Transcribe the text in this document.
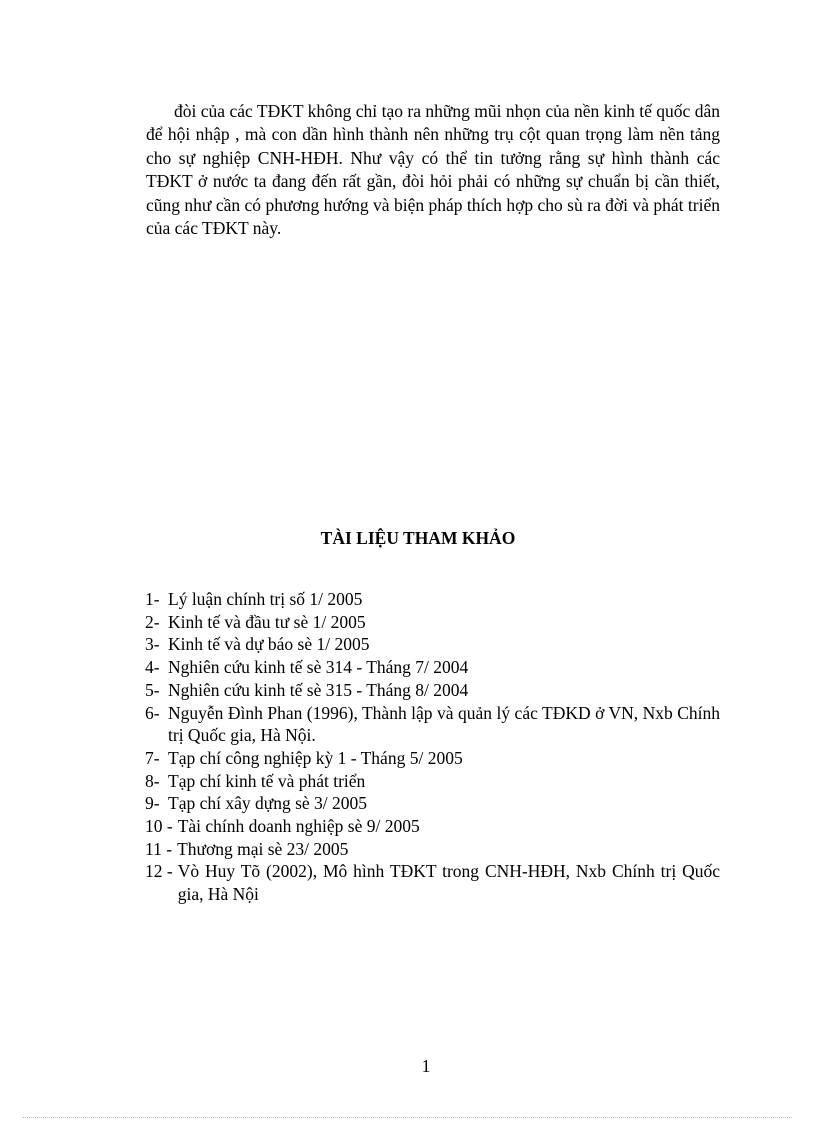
đòi của các TĐKT không chỉ tạo ra những mũi nhọn của nền kinh tế quốc dân để hội nhập , mà con dần hình thành nên những trụ cột quan trọng làm nền tảng cho sự nghiệp CNH-HĐH. Như vậy có thể tin tưởng rằng sự hình thành các TĐKT ở nước ta đang đến rất gần, đòi hỏi phải có những sự chuẩn bị cần thiết, cũng như cần có phương hướng và biện pháp thích hợp cho sù ra đời và phát triển của các TĐKT này.

TÀI LIỆU THAM KHẢO
1- Lý luận chính trị số 1/ 2005
2- Kinh tế và đầu tư sè 1/ 2005
3- Kinh tế và dự báo sè 1/ 2005
4- Nghiên cứu kinh tế sè 314 - Tháng 7/ 2004
5- Nghiên cứu kinh tế sè 315 - Tháng 8/ 2004
6- Nguyễn Đình Phan (1996), Thành lập và quản lý các TĐKD ở VN, Nxb Chính trị Quốc gia, Hà Nội.
7- Tạp chí công nghiệp kỳ 1 - Tháng 5/ 2005
8- Tạp chí kinh tế và phát triển
9- Tạp chí xây dựng sè 3/ 2005
10 - Tài chính doanh nghiệp sè 9/ 2005
11 - Thương mại sè 23/ 2005
12 - Vò Huy Tõ (2002), Mô hình TĐKT trong CNH-HĐH, Nxb Chính trị Quốc gia, Hà Nội

1
